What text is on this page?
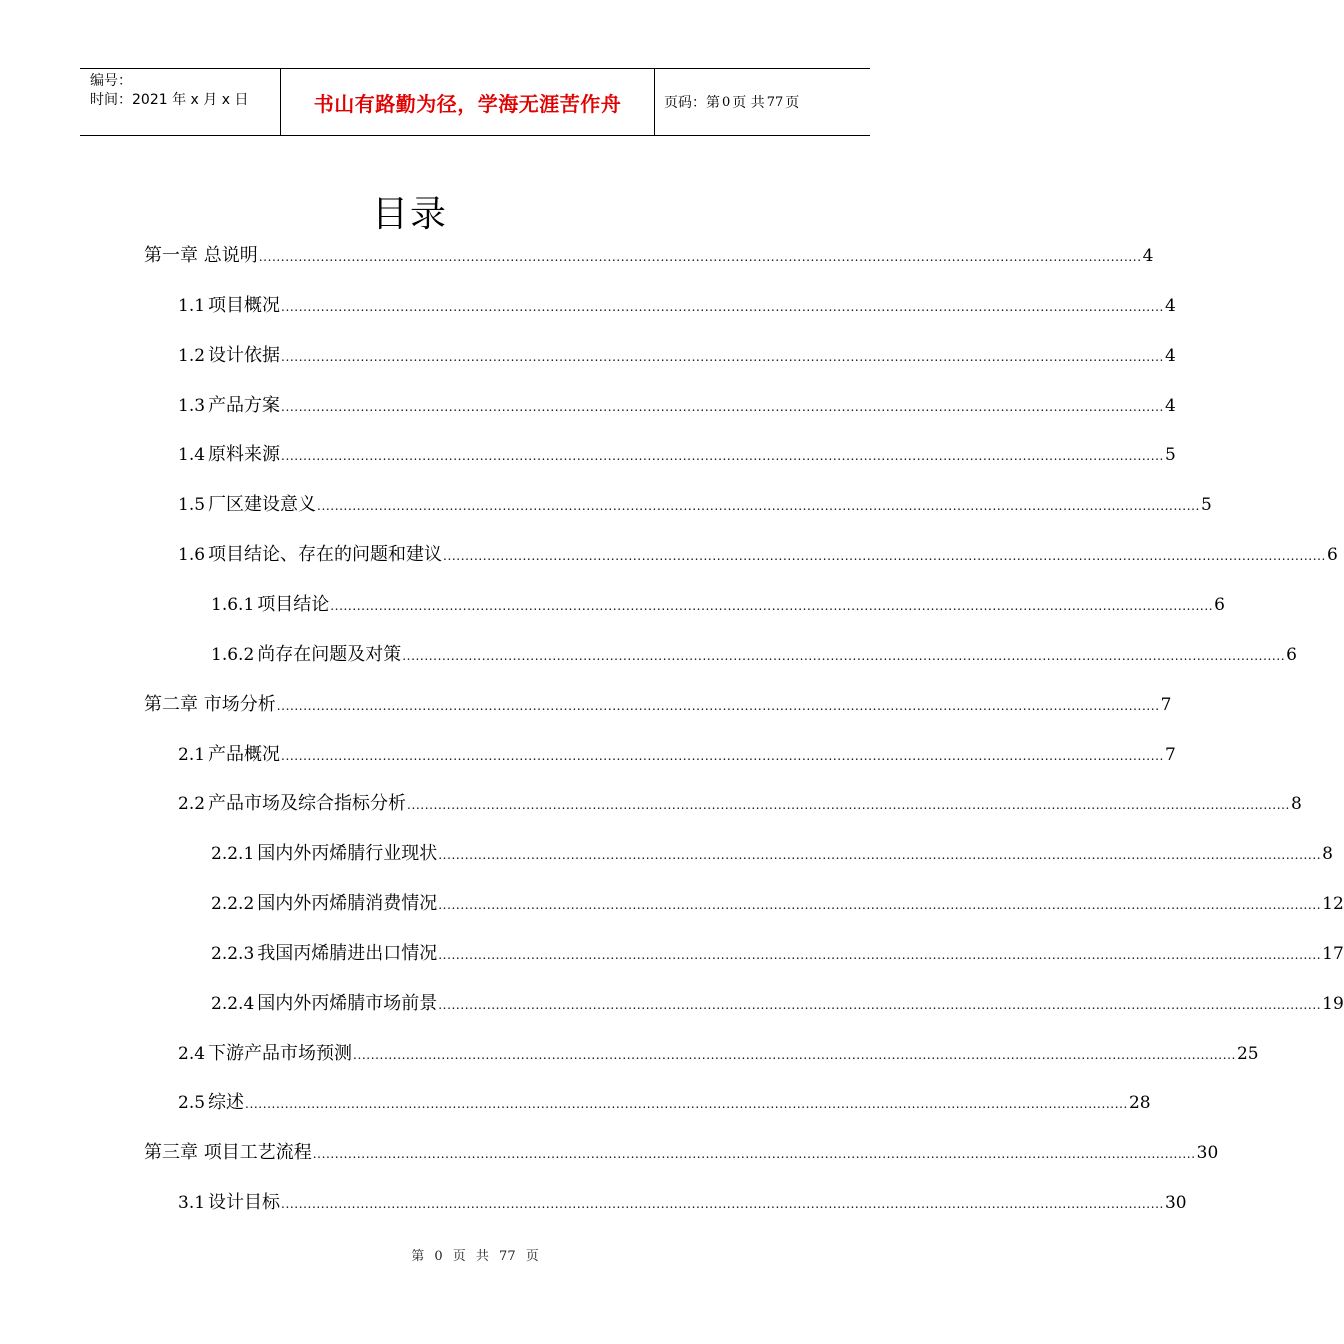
编号：
时间：2021 年 x 月 x 日	书山有路勤为径，学海无涯苦作舟	页码：第 0 页 共 77 页
目录
第一章 总说明 ........................................................................................................................................................................................................ 4
1.1 项目概况 ........................................................................................................................................................................................................ 4
1.2 设计依据 ........................................................................................................................................................................................................ 4
1.3 产品方案 ........................................................................................................................................................................................................ 4
1.4 原料来源 ........................................................................................................................................................................................................ 5
1.5 厂区建设意义 ........................................................................................................................................................................................................ 5
1.6 项目结论、存在的问题和建议 ........................................................................................................................................................................................................ 6
1.6.1 项目结论 ........................................................................................................................................................................................................ 6
1.6.2 尚存在问题及对策 ........................................................................................................................................................................................................ 6
第二章 市场分析 ........................................................................................................................................................................................................ 7
2.1 产品概况 ........................................................................................................................................................................................................ 7
2.2 产品市场及综合指标分析 ........................................................................................................................................................................................................ 8
2.2.1 国内外丙烯腈行业现状 ........................................................................................................................................................................................................ 8
2.2.2 国内外丙烯腈消费情况 ........................................................................................................................................................................................................ 12
2.2.3 我国丙烯腈进出口情况 ........................................................................................................................................................................................................ 17
2.2.4 国内外丙烯腈市场前景 ........................................................................................................................................................................................................ 19
2.4 下游产品市场预测 ........................................................................................................................................................................................................ 25
2.5 综述 ........................................................................................................................................................................................................ 28
第三章 项目工艺流程 ........................................................................................................................................................................................................ 30
3.1 设计目标 ........................................................................................................................................................................................................ 30
第 0 页 共 77 页
